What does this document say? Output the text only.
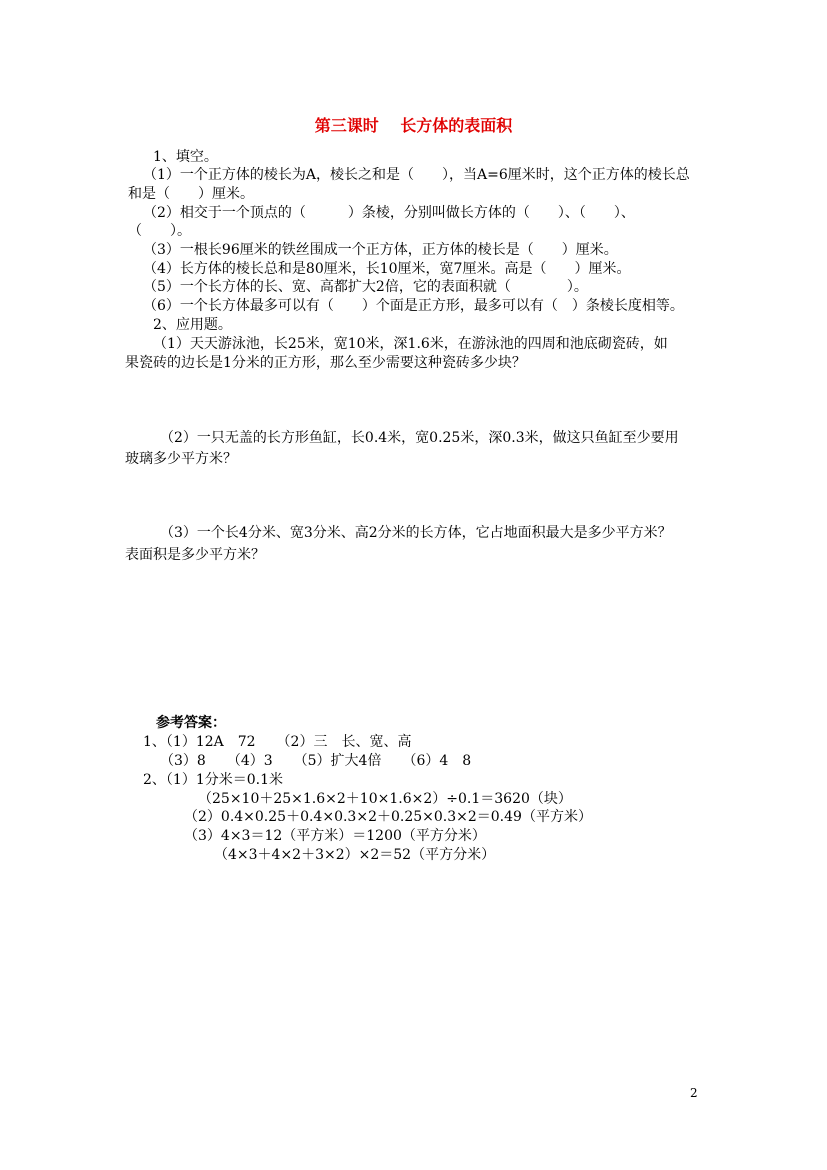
第三课时　 长方体的表面积
1、填空。
（1）一个正方体的棱长为A，棱长之和是（　　），当A=6厘米时，这个正方体的棱长总
和是（　　）厘米。
（2）相交于一个顶点的（　　　）条棱，分别叫做长方体的（　　）、（　　）、
（　　）。
（3）一根长96厘米的铁丝围成一个正方体，正方体的棱长是（　　）厘米。
（4）长方体的棱长总和是80厘米，长10厘米，宽7厘米。高是（　　）厘米。
（5）一个长方体的长、宽、高都扩大2倍，它的表面积就（　　　　）。
（6）一个长方体最多可以有（　　）个面是正方形，最多可以有（　）条棱长度相等。
2、应用题。
（1）天天游泳池，长25米，宽10米，深1.6米，在游泳池的四周和池底砌瓷砖，如
果瓷砖的边长是1分米的正方形，那么至少需要这种瓷砖多少块？
（2）一只无盖的长方形鱼缸，长0.4米，宽0.25米，深0.3米，做这只鱼缸至少要用
玻璃多少平方米？
（3）一个长4分米、宽3分米、高2分米的长方体，它占地面积最大是多少平方米？
表面积是多少平方米？
参考答案：
1、（1）12A　72　　（2）三　长、宽、高
（3）8　　（4）3　　（5）扩大4倍　　（6）4　8
2、（1）1分米＝0.1米
（25×10＋25×1.6×2＋10×1.6×2）÷0.1＝3620（块）
（2）0.4×0.25＋0.4×0.3×2＋0.25×0.3×2＝0.49（平方米）
（3）4×3＝12（平方米）＝1200（平方分米）
（4×3＋4×2＋3×2）×2＝52（平方分米）
2
